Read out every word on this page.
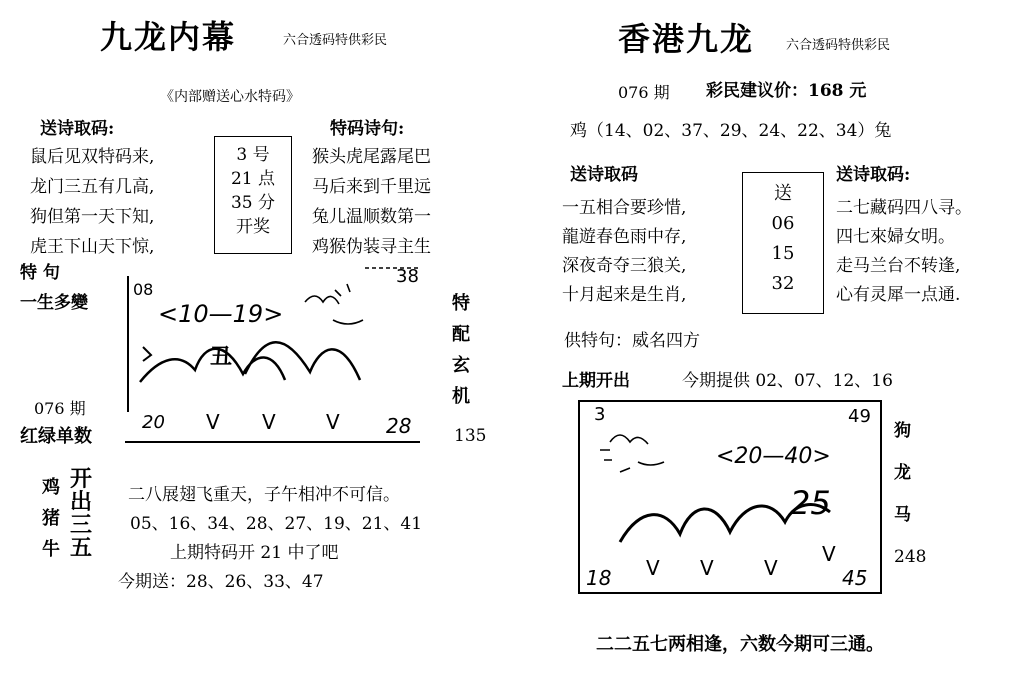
九龙内幕	六合透码特供彩民
《内部赠送心水特码》
送诗取码:
鼠后见双特码来,
龙门三五有几高,
狗但第一天下知,
虎王下山天下惊,
3 号
21 点
35 分
开奖
特码诗句:
猴头虎尾露尾巴
马后来到千里远
兔儿温顺数第一
鸡猴伪装寻主生
特 句
一生多變
08
38
<10—19>
丑
20 V V	V 28
特
配
玄
机
076 期
红绿单数	135
鸡
猪
牛
开
出
三
五
二八展翅飞重天，子午相冲不可信。
05、16、34、28、27、19、21、41
上期特码开 21 中了吧
今期送：28、26、33、47
香港九龙 六合透码特供彩民
076 期 彩民建议价：168 元
鸡（14、02、37、29、24、22、34）兔
送诗取码
一五相合要珍惜,
龍遊春色雨中存,
深夜奇夺三狼关,
十月起来是生肖,
送
06
15
32
送诗取码:
二七藏码四八寻。
四七來婦女明。
走马兰台不转逢,
心有灵犀一点通.
供特句：威名四方
上期开出	今期提供 02、07、12、16
3	49
<20—40>
25
18 V V	V
V
45
狗
龙
马
248
二二五七两相逢，六数今期可三通。
